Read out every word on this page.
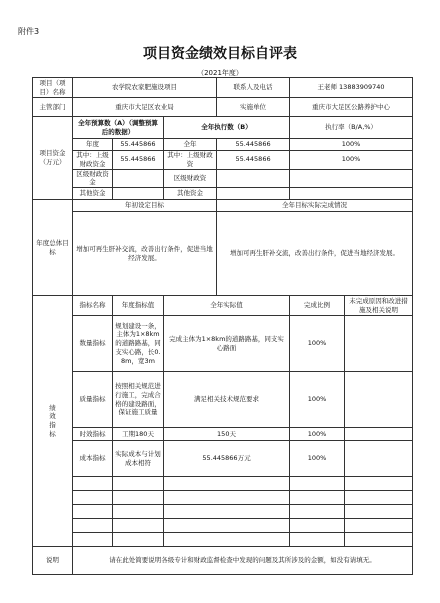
附件3
项目资金绩效目标自评表
（2021年度）
项目（项目）名称	农学院农家肥施设项目			联系人及电话	王老师 13883909740	
主管部门	重庆市大足区农业局			实施单位	重庆市大足区公路养护中心	
项目资金（万元）	全年预算数（A）（调整预算后的数据）		全年执行数（B）		执行率（B/A,%）	
	年度	55.445866	全年	55.445866	100%	
	其中：上级财政资金	55.445866	其中：上级财政资	55.445866	100%	
	区级财政资金		区级财政资			
	其他资金		其他资金			
年度总体目标	年初设定目标			全年目标实际完成情况		
	增加可再生肝补交流，改善出行条件，促进当地经济发展。			增加可再生肝补交流，改善出行条件，促进当地经济发展。		
绩效指标	指标名称	年度指标值	全年实际值		完成比例	未完成原因和改进措施及相关说明
	数量指标	规划建设一条，主体为1×8km的道路路基，同支实心路，长0.8m，宽3m	完成主体为1×8km的道路路基，同支实心路面		100%	
	质量指标	按照相关规范进行施工，完成合格的建设路面，保证施工质量	满足相关技术规范要求		100%	
	时效指标	工期180天	150天		100%	
	成本指标	实际成本与计划成本相符	55.445866万元		100%	

说明	请在此处简要说明各级专计和财政监督检查中发现的问题及其所涉及的金额，如没有请填无。					
